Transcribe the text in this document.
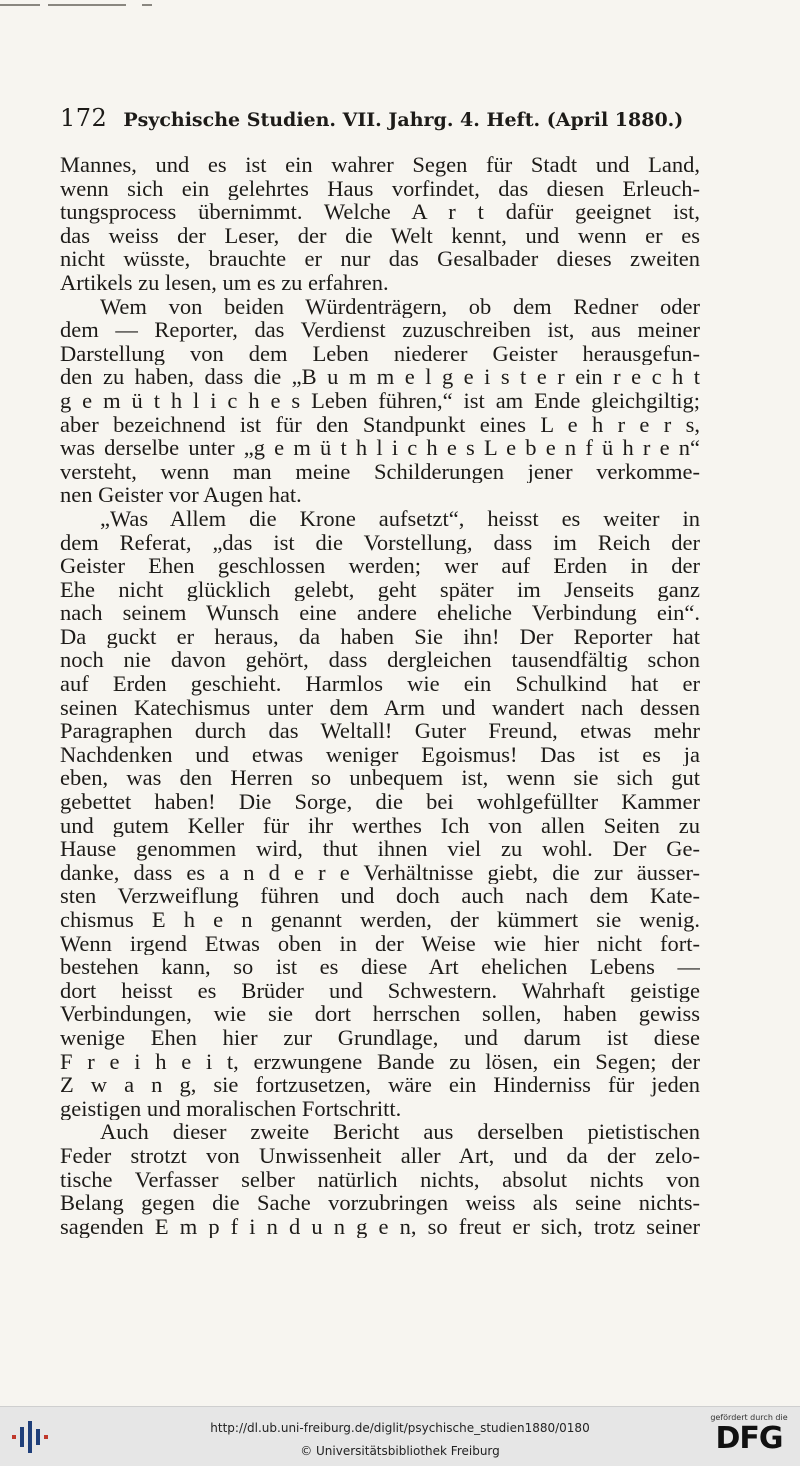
172 Psychische Studien. VII. Jahrg. 4. Heft. (April 1880.)
Mannes, und es ist ein wahrer Segen für Stadt und Land,
wenn sich ein gelehrtes Haus vorfindet, das diesen Erleuch-
tungsprocess übernimmt. Welche A r t dafür geeignet ist,
das weiss der Leser, der die Welt kennt, und wenn er es
nicht wüsste, brauchte er nur das Gesalbader dieses zweiten
Artikels zu lesen, um es zu erfahren.
Wem von beiden Würdenträgern, ob dem Redner oder
dem — Reporter, das Verdienst zuzuschreiben ist, aus meiner
Darstellung von dem Leben niederer Geister herausgefun-
den zu haben, dass die „B u m m e l g e i s t e r ein r e c h t
g e m ü t h l i c h e s Leben führen,“ ist am Ende gleichgiltig;
aber bezeichnend ist für den Standpunkt eines L e h r e r s,
was derselbe unter „g e m ü t h l i c h e s L e b e n f ü h r e n“
versteht, wenn man meine Schilderungen jener verkomme-
nen Geister vor Augen hat.
„Was Allem die Krone aufsetzt“, heisst es weiter in
dem Referat, „das ist die Vorstellung, dass im Reich der
Geister Ehen geschlossen werden; wer auf Erden in der
Ehe nicht glücklich gelebt, geht später im Jenseits ganz
nach seinem Wunsch eine andere eheliche Verbindung ein“.
Da guckt er heraus, da haben Sie ihn! Der Reporter hat
noch nie davon gehört, dass dergleichen tausendfältig schon
auf Erden geschieht. Harmlos wie ein Schulkind hat er
seinen Katechismus unter dem Arm und wandert nach dessen
Paragraphen durch das Weltall! Guter Freund, etwas mehr
Nachdenken und etwas weniger Egoismus! Das ist es ja
eben, was den Herren so unbequem ist, wenn sie sich gut
gebettet haben! Die Sorge, die bei wohlgefüllter Kammer
und gutem Keller für ihr werthes Ich von allen Seiten zu
Hause genommen wird, thut ihnen viel zu wohl. Der Ge-
danke, dass es a n d e r e Verhältnisse giebt, die zur äusser-
sten Verzweiflung führen und doch auch nach dem Kate-
chismus E h e n genannt werden, der kümmert sie wenig.
Wenn irgend Etwas oben in der Weise wie hier nicht fort-
bestehen kann, so ist es diese Art ehelichen Lebens —
dort heisst es Brüder und Schwestern. Wahrhaft geistige
Verbindungen, wie sie dort herrschen sollen, haben gewiss
wenige Ehen hier zur Grundlage, und darum ist diese
F r e i h e i t, erzwungene Bande zu lösen, ein Segen; der
Z w a n g, sie fortzusetzen, wäre ein Hinderniss für jeden
geistigen und moralischen Fortschritt.
Auch dieser zweite Bericht aus derselben pietistischen
Feder strotzt von Unwissenheit aller Art, und da der zelo-
tische Verfasser selber natürlich nichts, absolut nichts von
Belang gegen die Sache vorzubringen weiss als seine nichts-
sagenden E m p f i n d u n g e n, so freut er sich, trotz seiner
http://dl.ub.uni-freiburg.de/diglit/psychische_studien1880/0180
© Universitätsbibliothek Freiburg
gefördert durch die
DFG
